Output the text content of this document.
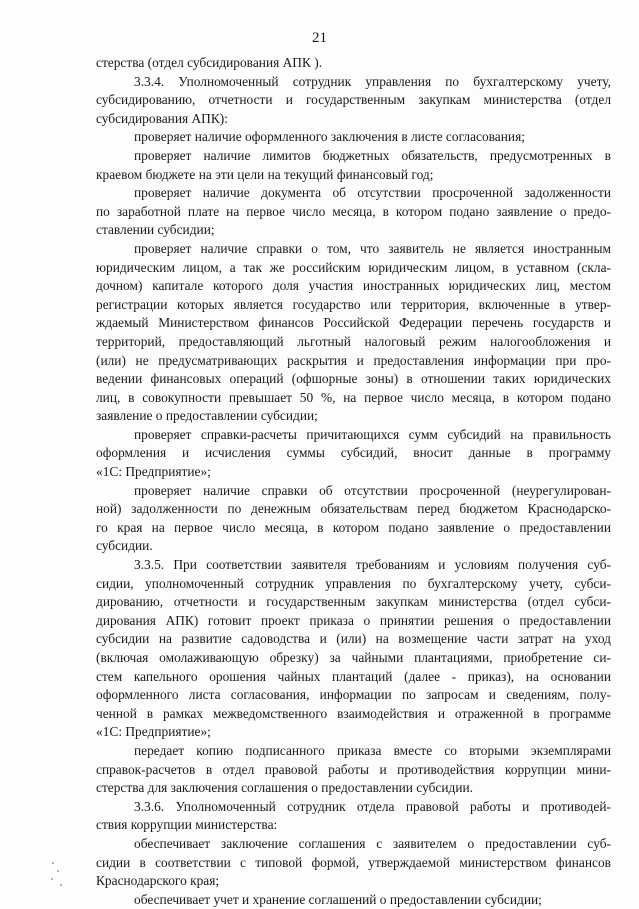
21
стерства (отдел субсидирования АПК ).
3.3.4. Уполномоченный сотрудник управления по бухгалтерскому учету,
субсидированию, отчетности и государственным закупкам министерства (отдел
субсидирования АПК):
проверяет наличие оформленного заключения в листе согласования;
проверяет наличие лимитов бюджетных обязательств, предусмотренных в
краевом бюджете на эти цели на текущий финансовый год;
проверяет наличие документа об отсутствии просроченной задолженности
по заработной плате на первое число месяца, в котором подано заявление о предо-
ставлении субсидии;
проверяет наличие справки о том, что заявитель не является иностранным
юридическим лицом, а так же российским юридическим лицом, в уставном (скла-
дочном) капитале которого доля участия иностранных юридических лиц, местом
регистрации которых является государство или территория, включенные в утвер-
ждаемый Министерством финансов Российской Федерации перечень государств и
территорий, предоставляющий льготный налоговый режим налогообложения и
(или) не предусматривающих раскрытия и предоставления информации при про-
ведении финансовых операций (офшорные зоны) в отношении таких юридических
лиц, в совокупности превышает 50 %, на первое число месяца, в котором подано
заявление о предоставлении субсидии;
проверяет справки-расчеты причитающихся сумм субсидий на правильность
оформления и исчисления суммы субсидий, вносит данные в программу
«1С: Предприятие»;
проверяет наличие справки об отсутствии просроченной (неурегулирован-
ной) задолженности по денежным обязательствам перед бюджетом Краснодарско-
го края на первое число месяца, в котором подано заявление о предоставлении
субсидии.
3.3.5. При соответствии заявителя требованиям и условиям получения суб-
сидии, уполномоченный сотрудник управления по бухгалтерскому учету, субси-
дированию, отчетности и государственным закупкам министерства (отдел субси-
дирования АПК) готовит проект приказа о принятии решения о предоставлении
субсидии на развитие садоводства и (или) на возмещение части затрат на уход
(включая омолаживающую обрезку) за чайными плантациями, приобретение си-
стем капельного орошения чайных плантаций (далее - приказ), на основании
оформленного листа согласования, информации по запросам и сведениям, полу-
ченной в рамках межведомственного взаимодействия и отраженной в программе
«1С: Предприятие»;
передает копию подписанного приказа вместе со вторыми экземплярами
справок-расчетов в отдел правовой работы и противодействия коррупции мини-
стерства для заключения соглашения о предоставлении субсидии.
3.3.6. Уполномоченный сотрудник отдела правовой работы и противодей-
ствия коррупции министерства:
обеспечивает заключение соглашения с заявителем о предоставлении суб-
сидии в соответствии с типовой формой, утверждаемой министерством финансов
Краснодарского края;
обеспечивает учет и хранение соглашений о предоставлении субсидии;
